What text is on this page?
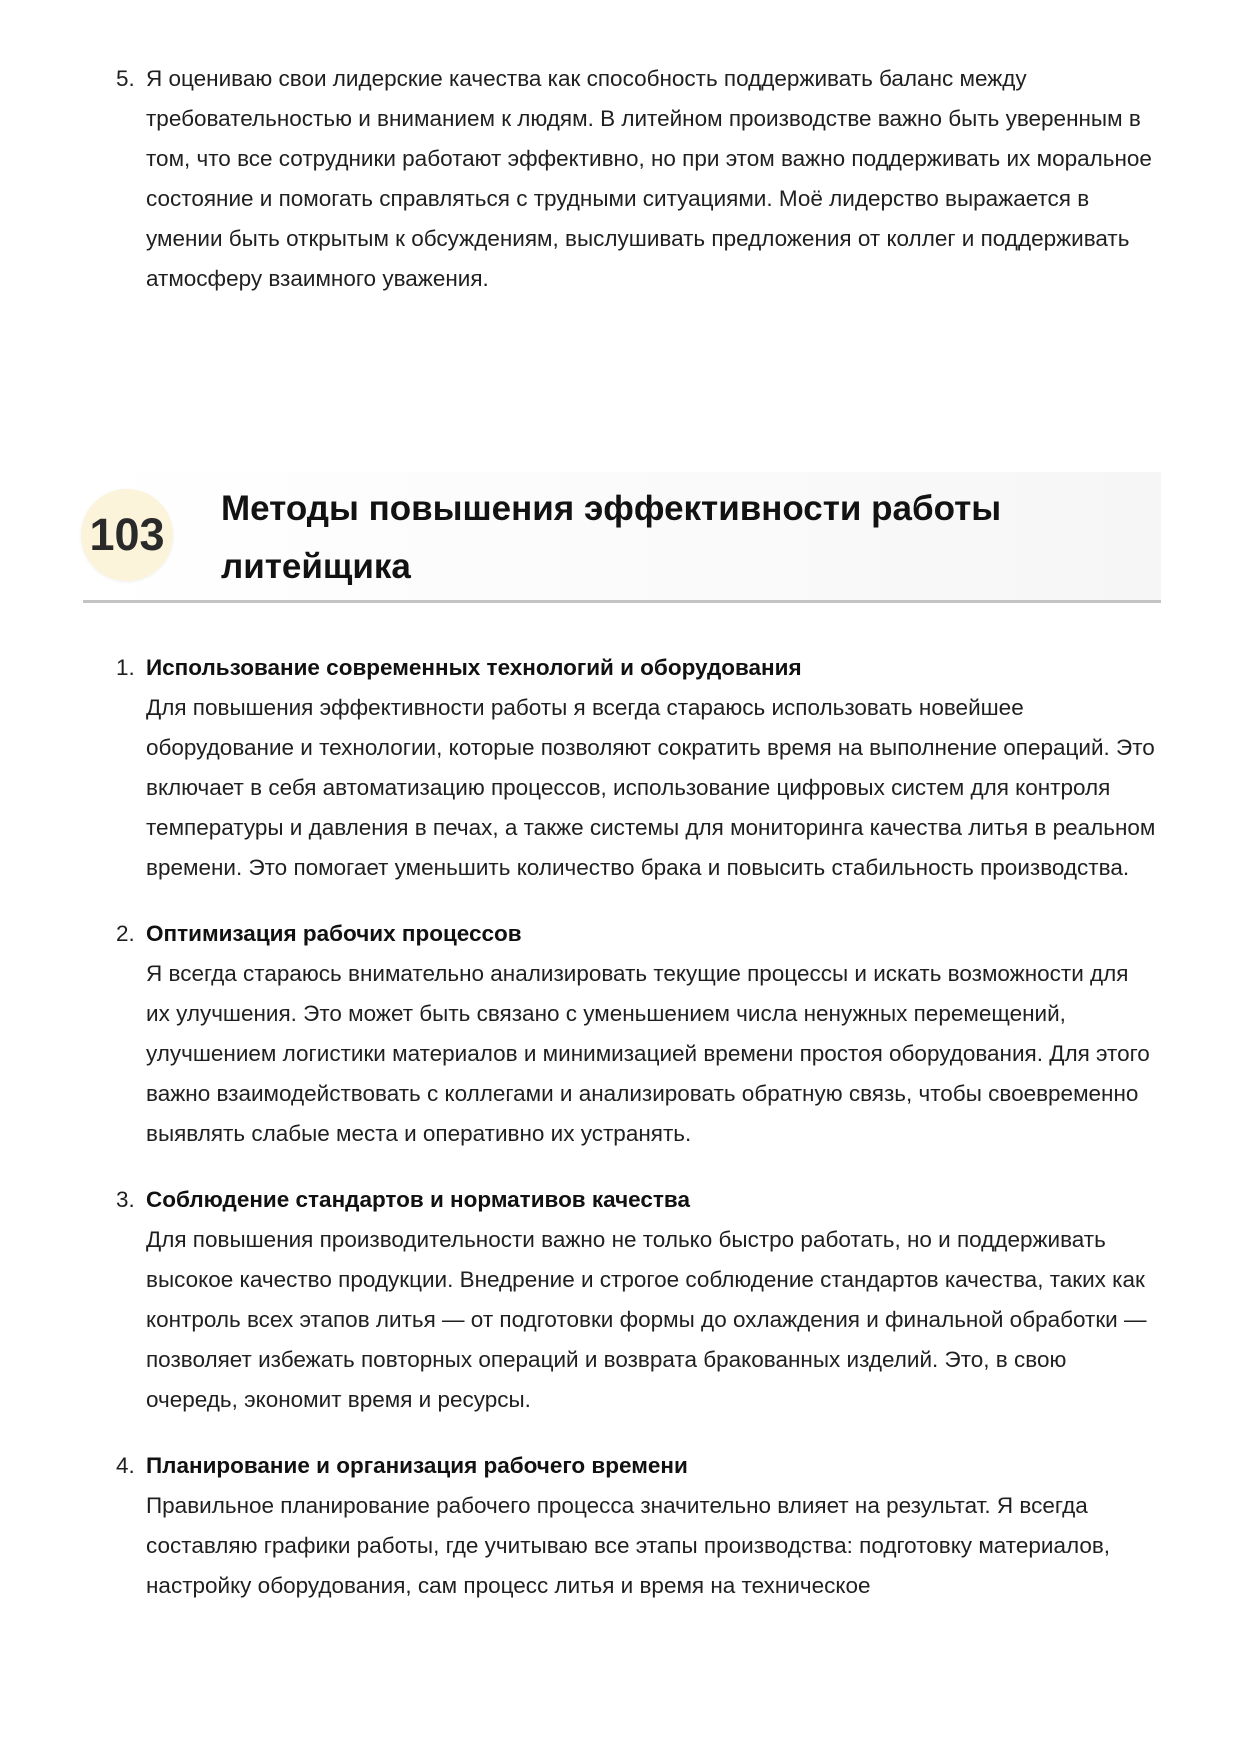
5. Я оцениваю свои лидерские качества как способность поддерживать баланс между требовательностью и вниманием к людям. В литейном производстве важно быть уверенным в том, что все сотрудники работают эффективно, но при этом важно поддерживать их моральное состояние и помогать справляться с трудными ситуациями. Моё лидерство выражается в умении быть открытым к обсуждениям, выслушивать предложения от коллег и поддерживать атмосферу взаимного уважения.
103
Методы повышения эффективности работы литейщика
1. Использование современных технологий и оборудования
Для повышения эффективности работы я всегда стараюсь использовать новейшее оборудование и технологии, которые позволяют сократить время на выполнение операций. Это включает в себя автоматизацию процессов, использование цифровых систем для контроля температуры и давления в печах, а также системы для мониторинга качества литья в реальном времени. Это помогает уменьшить количество брака и повысить стабильность производства.
2. Оптимизация рабочих процессов
Я всегда стараюсь внимательно анализировать текущие процессы и искать возможности для их улучшения. Это может быть связано с уменьшением числа ненужных перемещений, улучшением логистики материалов и минимизацией времени простоя оборудования. Для этого важно взаимодействовать с коллегами и анализировать обратную связь, чтобы своевременно выявлять слабые места и оперативно их устранять.
3. Соблюдение стандартов и нормативов качества
Для повышения производительности важно не только быстро работать, но и поддерживать высокое качество продукции. Внедрение и строгое соблюдение стандартов качества, таких как контроль всех этапов литья — от подготовки формы до охлаждения и финальной обработки — позволяет избежать повторных операций и возврата бракованных изделий. Это, в свою очередь, экономит время и ресурсы.
4. Планирование и организация рабочего времени
Правильное планирование рабочего процесса значительно влияет на результат. Я всегда составляю графики работы, где учитываю все этапы производства: подготовку материалов, настройку оборудования, сам процесс литья и время на техническое
